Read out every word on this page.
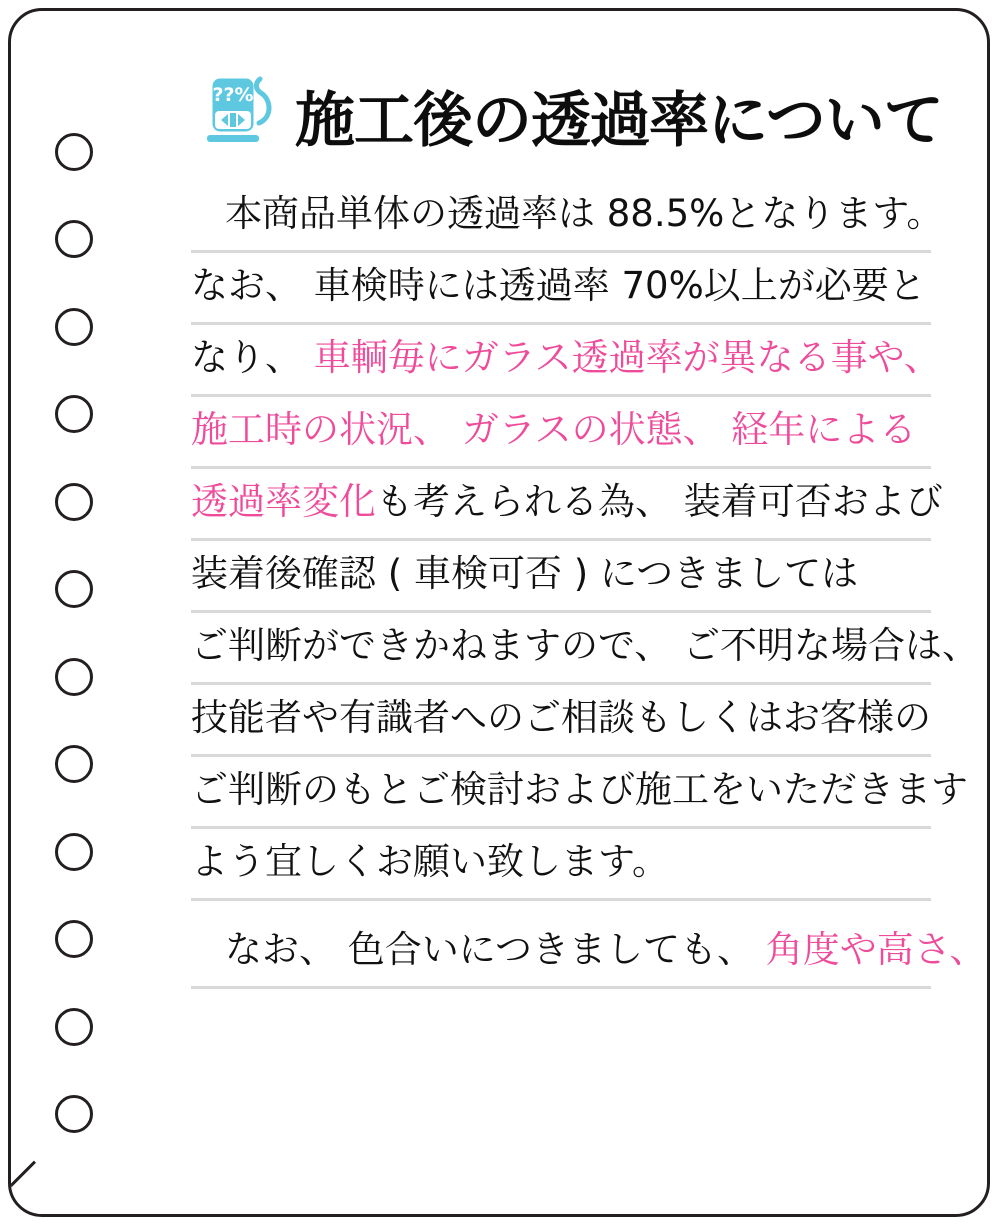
??% 施工後の透過率について
本商品単体の透過率は 88.5%となります。
なお、 車検時には透過率 70%以上が必要と
なり、 車輌毎にガラス透過率が異なる事や、
施工時の状況、 ガラスの状態、 経年による
透過率変化も考えられる為、 装着可否および
装着後確認 ( 車検可否 ) につきましては
ご判断ができかねますので、 ご不明な場合は、
技能者や有識者へのご相談もしくはお客様の
ご判断のもとご検討および施工をいただきます
よう宜しくお願い致します。
なお、 色合いにつきましても、 角度や高さ、
